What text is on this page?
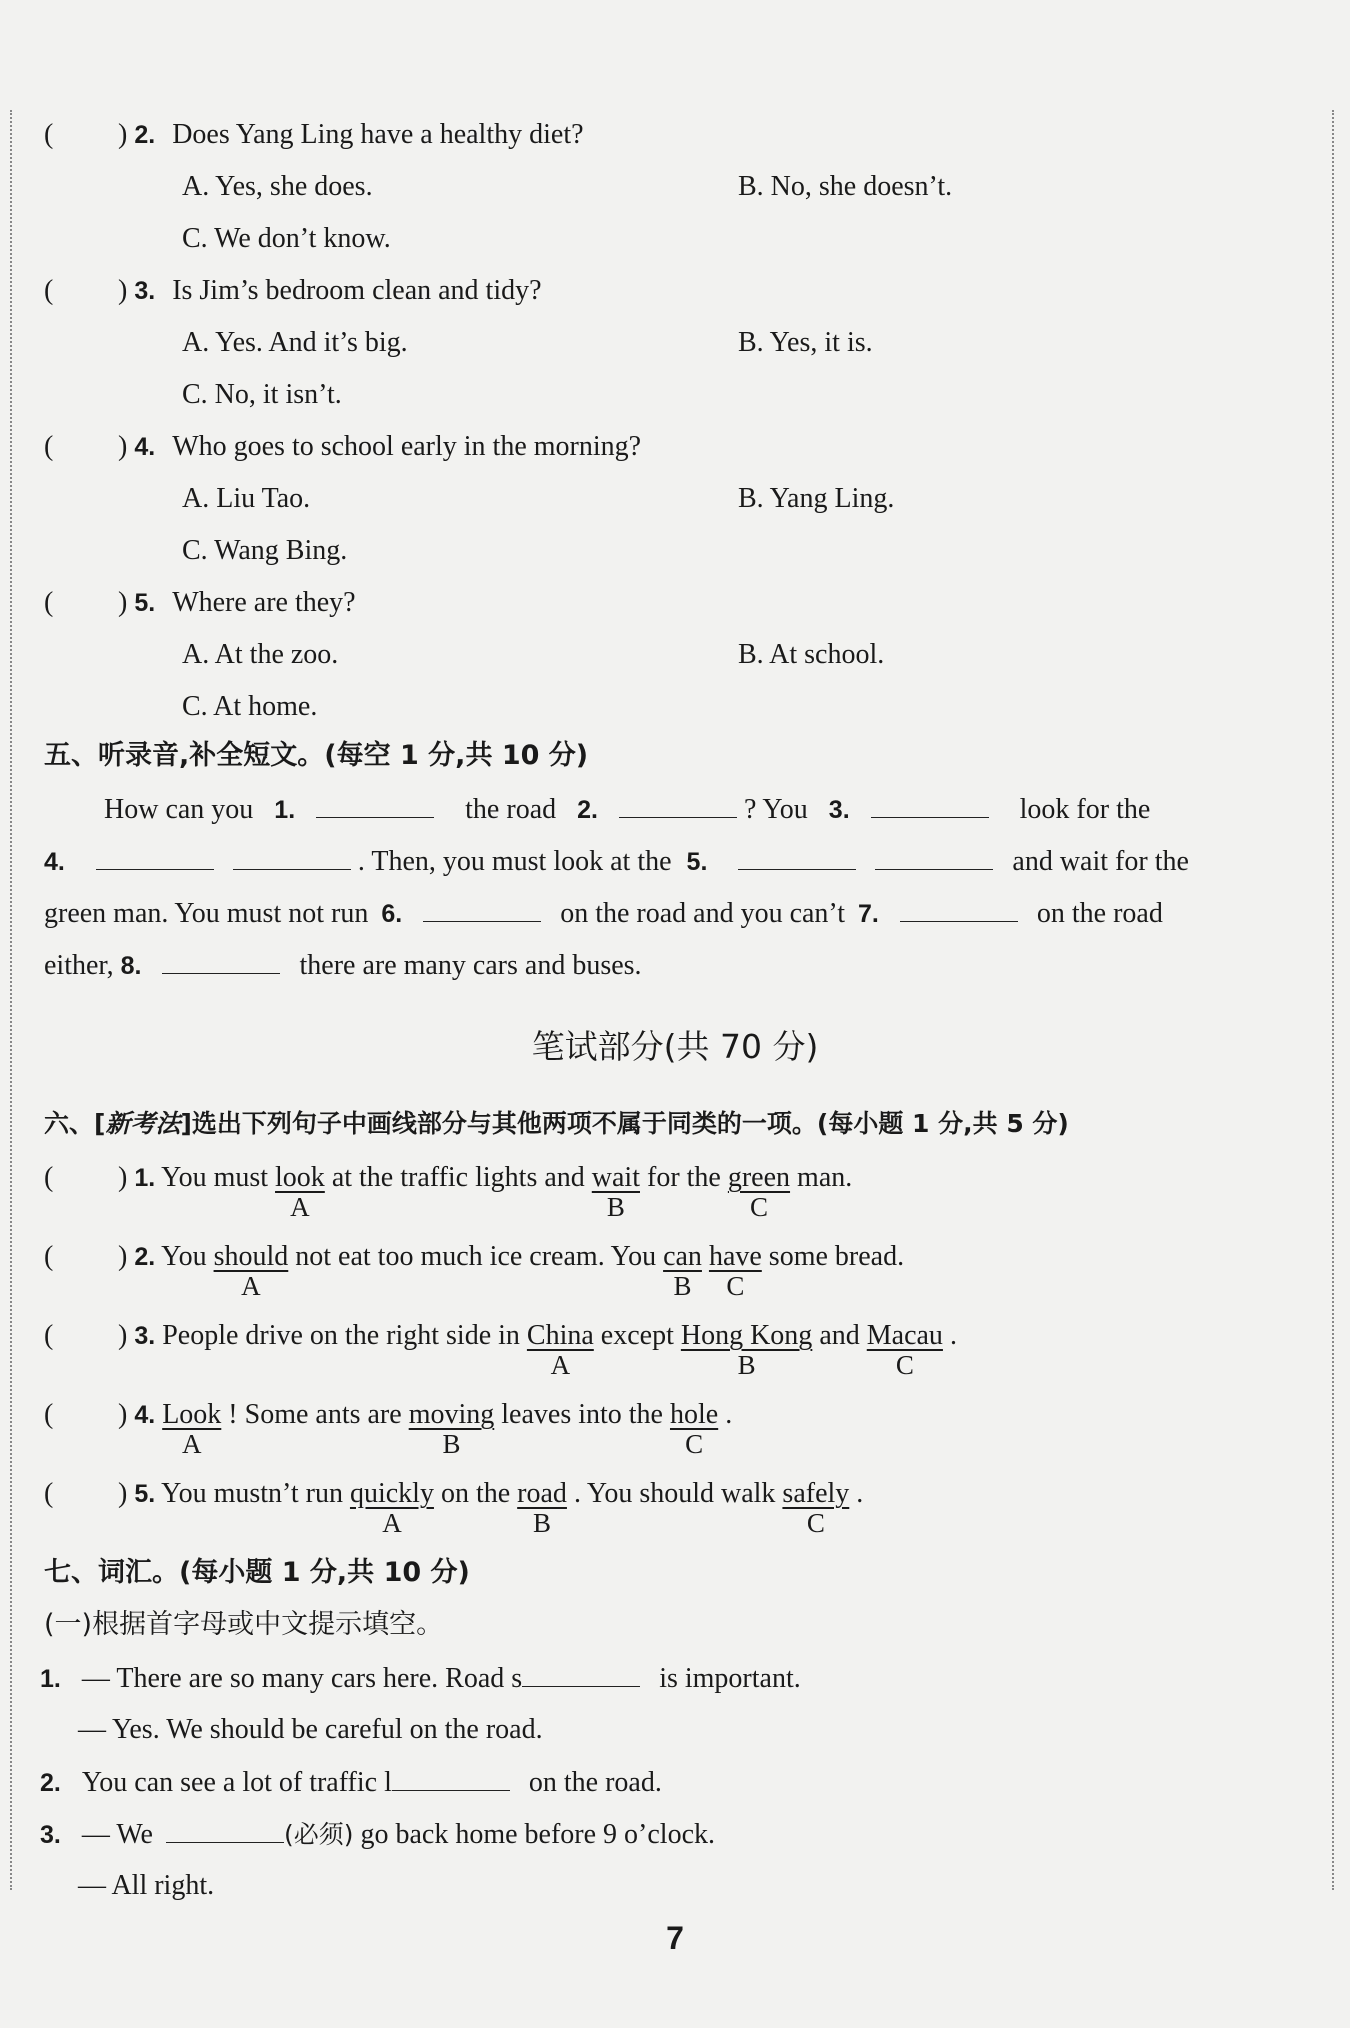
( ) 2. Does Yang Ling have a healthy diet?
A. Yes, she does.	B. No, she doesn’t.
C. We don’t know.
( ) 3. Is Jim’s bedroom clean and tidy?
A. Yes. And it’s big.	B. Yes, it is.
C. No, it isn’t.
( ) 4. Who goes to school early in the morning?
A. Liu Tao.	B. Yang Ling.
C. Wang Bing.
( ) 5. Where are they?
A. At the zoo.	B. At school.
C. At home.
五、听录音,补全短文。(每空 1 分,共 10 分)
How can you 1.	the road 2.	? You 3.	look for the
4.	. Then, you must look at the 5.	and wait for the
green man. You must not run 6.	on the road and you can’t 7.	on the road
either, 8.	there are many cars and buses.
笔试部分(共 70 分)
六、[新考法]选出下列句子中画线部分与其他两项不属于同类的一项。(每小题 1 分,共 5 分)
( ) 1. You must look
A
at the traffic lights and wait
B
for the green
C
man.
( ) 2. You should
A
not eat too much ice cream. You can
B
have
C
some bread.
( ) 3. People drive on the right side in China
A
except Hong Kong
B
and Macau
C
.
( ) 4. Look
A
! Some ants are moving
B
leaves into the hole
C
.
( ) 5. You mustn’t run quickly
A
on the road
B
. You should walk safely
C
.
七、词汇。(每小题 1 分,共 10 分)
(一)根据首字母或中文提示填空。
1. — There are so many cars here. Road s	is important.
— Yes. We should be careful on the road.
2. You can see a lot of traffic l	on the road.
3. — We	(必须) go back home before 9 o’clock.
— All right.
7
